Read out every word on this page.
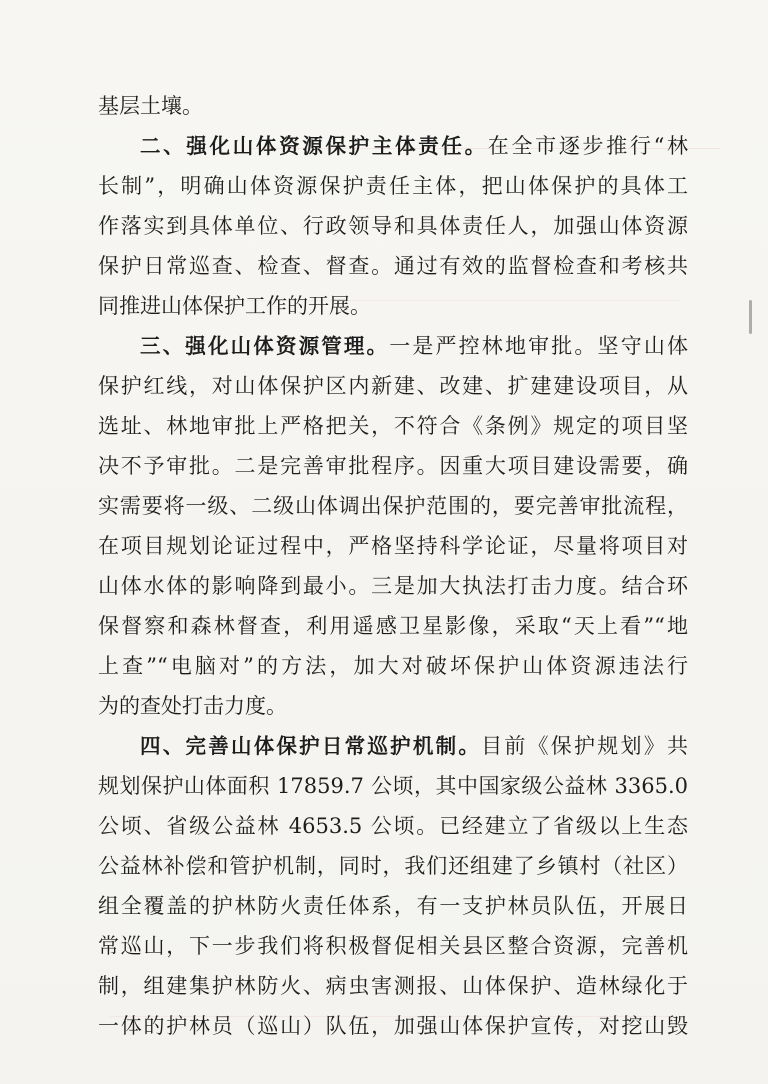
基层土壤。
二、强化山体资源保护主体责任。在全市逐步推行“林
长制”，明确山体资源保护责任主体，把山体保护的具体工
作落实到具体单位、行政领导和具体责任人，加强山体资源
保护日常巡查、检查、督查。通过有效的监督检查和考核共
同推进山体保护工作的开展。
三、强化山体资源管理。一是严控林地审批。坚守山体
保护红线，对山体保护区内新建、改建、扩建建设项目，从
选址、林地审批上严格把关，不符合《条例》规定的项目坚
决不予审批。二是完善审批程序。因重大项目建设需要，确
实需要将一级、二级山体调出保护范围的，要完善审批流程，
在项目规划论证过程中，严格坚持科学论证，尽量将项目对
山体水体的影响降到最小。三是加大执法打击力度。结合环
保督察和森林督查，利用遥感卫星影像，采取“天上看”“地
上查”“电脑对”的方法，加大对破坏保护山体资源违法行
为的查处打击力度。
四、完善山体保护日常巡护机制。目前《保护规划》共
规划保护山体面积 17859.7 公顷，其中国家级公益林 3365.0
公顷、省级公益林 4653.5 公顷。已经建立了省级以上生态
公益林补偿和管护机制，同时，我们还组建了乡镇村（社区）
组全覆盖的护林防火责任体系，有一支护林员队伍，开展日
常巡山，下一步我们将积极督促相关县区整合资源，完善机
制，组建集护林防火、病虫害测报、山体保护、造林绿化于
一体的护林员（巡山）队伍，加强山体保护宣传，对挖山毁
